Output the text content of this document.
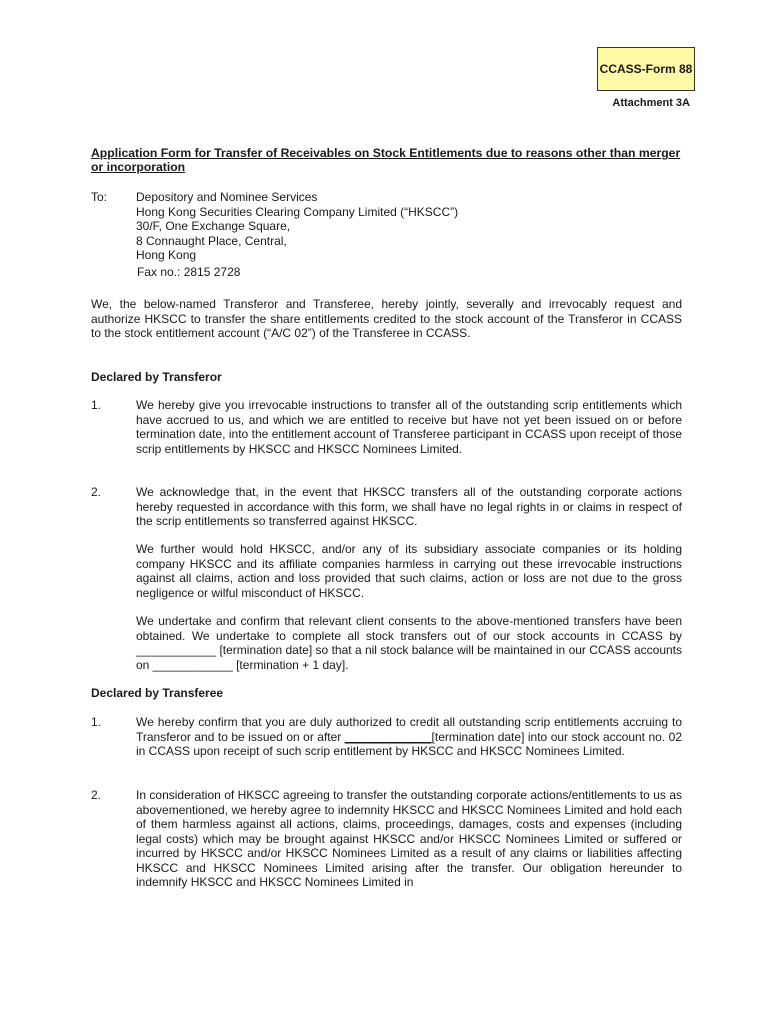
CCASS-Form 88
Attachment 3A
Application Form for Transfer of Receivables on Stock Entitlements due to reasons other than merger or incorporation
To: Depository and Nominee Services
Hong Kong Securities Clearing Company Limited (“HKSCC”)
30/F, One Exchange Square,
8 Connaught Place, Central,
Hong Kong
Fax no.: 2815 2728
We, the below-named Transferor and Transferee, hereby jointly, severally and irrevocably request and authorize HKSCC to transfer the share entitlements credited to the stock account of the Transferor in CCASS to the stock entitlement account (“A/C 02”) of the Transferee in CCASS.
Declared by Transferor
1.	We hereby give you irrevocable instructions to transfer all of the outstanding scrip entitlements which have accrued to us, and which we are entitled to receive but have not yet been issued on or before termination date, into the entitlement account of Transferee participant in CCASS upon receipt of those scrip entitlements by HKSCC and HKSCC Nominees Limited.
2.	We acknowledge that, in the event that HKSCC transfers all of the outstanding corporate actions hereby requested in accordance with this form, we shall have no legal rights in or claims in respect of the scrip entitlements so transferred against HKSCC.
We further would hold HKSCC, and/or any of its subsidiary associate companies or its holding company HKSCC and its affiliate companies harmless in carrying out these irrevocable instructions against all claims, action and loss provided that such claims, action or loss are not due to the gross negligence or wilful misconduct of HKSCC.
We undertake and confirm that relevant client consents to the above-mentioned transfers have been obtained. We undertake to complete all stock transfers out of our stock accounts in CCASS by ____________ [termination date] so that a nil stock balance will be maintained in our CCASS accounts on ____________ [termination + 1 day].
Declared by Transferee
1.	We hereby confirm that you are duly authorized to credit all outstanding scrip entitlements accruing to Transferor and to be issued on or after _____________[termination date] into our stock account no. 02 in CCASS upon receipt of such scrip entitlement by HKSCC and HKSCC Nominees Limited.
2.	In consideration of HKSCC agreeing to transfer the outstanding corporate actions/entitlements to us as abovementioned, we hereby agree to indemnity HKSCC and HKSCC Nominees Limited and hold each of them harmless against all actions, claims, proceedings, damages, costs and expenses (including legal costs) which may be brought against HKSCC and/or HKSCC Nominees Limited or suffered or incurred by HKSCC and/or HKSCC Nominees Limited as a result of any claims or liabilities affecting HKSCC and HKSCC Nominees Limited arising after the transfer. Our obligation hereunder to indemnify HKSCC and HKSCC Nominees Limited in
